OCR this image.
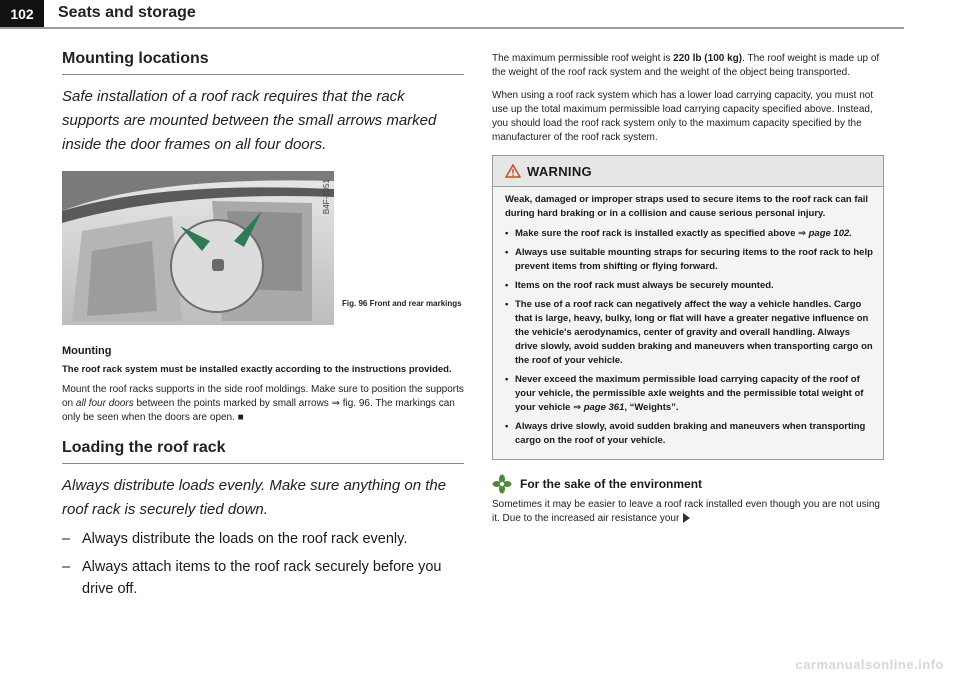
102	Seats and storage
Mounting locations

Safe installation of a roof rack requires that the rack supports are mounted between the small arrows marked inside the door frames on all four doors.

B4F-2051
Fig. 96 Front and rear markings
Mounting

The roof rack system must be installed exactly according to the instructions provided.

Mount the roof racks supports in the side roof moldings. Make sure to position the supports on all four doors between the points marked by small arrows ⇒ fig. 96. The markings can only be seen when the doors are open. ■

Loading the roof rack

Always distribute loads evenly. Make sure anything on the roof rack is securely tied down.

– Always distribute the loads on the roof rack evenly.
– Always attach items to the roof rack securely before you drive off.

The maximum permissible roof weight is 220 lb (100 kg). The roof weight is made up of the weight of the roof rack system and the weight of the object being transported.

When using a roof rack system which has a lower load carrying capacity, you must not use up the total maximum permissible load carrying capacity specified above. Instead, you should load the roof rack system only to the maximum capacity specified by the manufacturer of the roof rack system.

WARNING

Weak, damaged or improper straps used to secure items to the roof rack can fail during hard braking or in a collision and cause serious personal injury.

• Make sure the roof rack is installed exactly as specified above ⇒ page 102.
• Always use suitable mounting straps for securing items to the roof rack to help prevent items from shifting or flying forward.
• Items on the roof rack must always be securely mounted.
• The use of a roof rack can negatively affect the way a vehicle handles. Cargo that is large, heavy, bulky, long or flat will have a greater negative influence on the vehicle's aerodynamics, center of gravity and overall handling. Always drive slowly, avoid sudden braking and maneuvers when transporting cargo on the roof of your vehicle.
• Never exceed the maximum permissible load carrying capacity of the roof of your vehicle, the permissible axle weights and the permissible total weight of your vehicle ⇒ page 361, “Weights”.
• Always drive slowly, avoid sudden braking and maneuvers when transporting cargo on the roof of your vehicle.
For the sake of the environment

Sometimes it may be easier to leave a roof rack installed even though you are not using it. Due to the increased air resistance your

carmanualsonline.info
